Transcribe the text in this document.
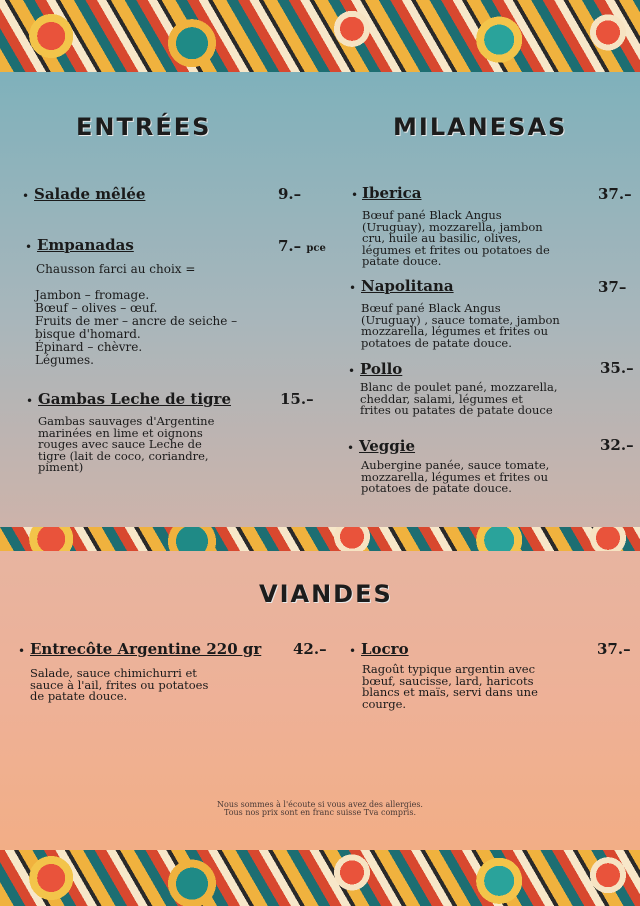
ENTRÉES
• Salade mêlée	9.–
• Empanadas	7.– pce
Chausson farci au choix =
Jambon – fromage.
Bœuf – olives – œuf.
Fruits de mer – ancre de seiche –
bisque d'homard.
Épinard – chèvre.
Légumes.
• Gambas Leche de tigre	15.–
Gambas sauvages d'Argentine
marinées en lime et oignons
rouges avec sauce Leche de
tigre (lait de coco, coriandre,
piment)
MILANESAS
• Iberica	37.–
Bœuf pané Black Angus
(Uruguay), mozzarella, jambon
cru, huile au basilic, olives,
légumes et frites ou potatoes de
patate douce.
• Napolitana	37–
Bœuf pané Black Angus
(Uruguay) , sauce tomate, jambon
mozzarella, légumes et frites ou
potatoes de patate douce.
• Pollo	35.–
Blanc de poulet pané, mozzarella,
cheddar, salami, légumes et
frites ou patates de patate douce
• Veggie	32.–
Aubergine panée, sauce tomate,
mozzarella, légumes et frites ou
potatoes de patate douce.
VIANDES
• Entrecôte Argentine 220 gr 42.–
Salade, sauce chimichurri et
sauce à l'ail, frites ou potatoes
de patate douce.
• Locro	37.–
Ragoût typique argentin avec
bœuf, saucisse, lard, haricots
blancs et maïs, servi dans une
courge.
Nous sommes à l'écoute si vous avez des allergies.
Tous nos prix sont en franc suisse Tva compris.
